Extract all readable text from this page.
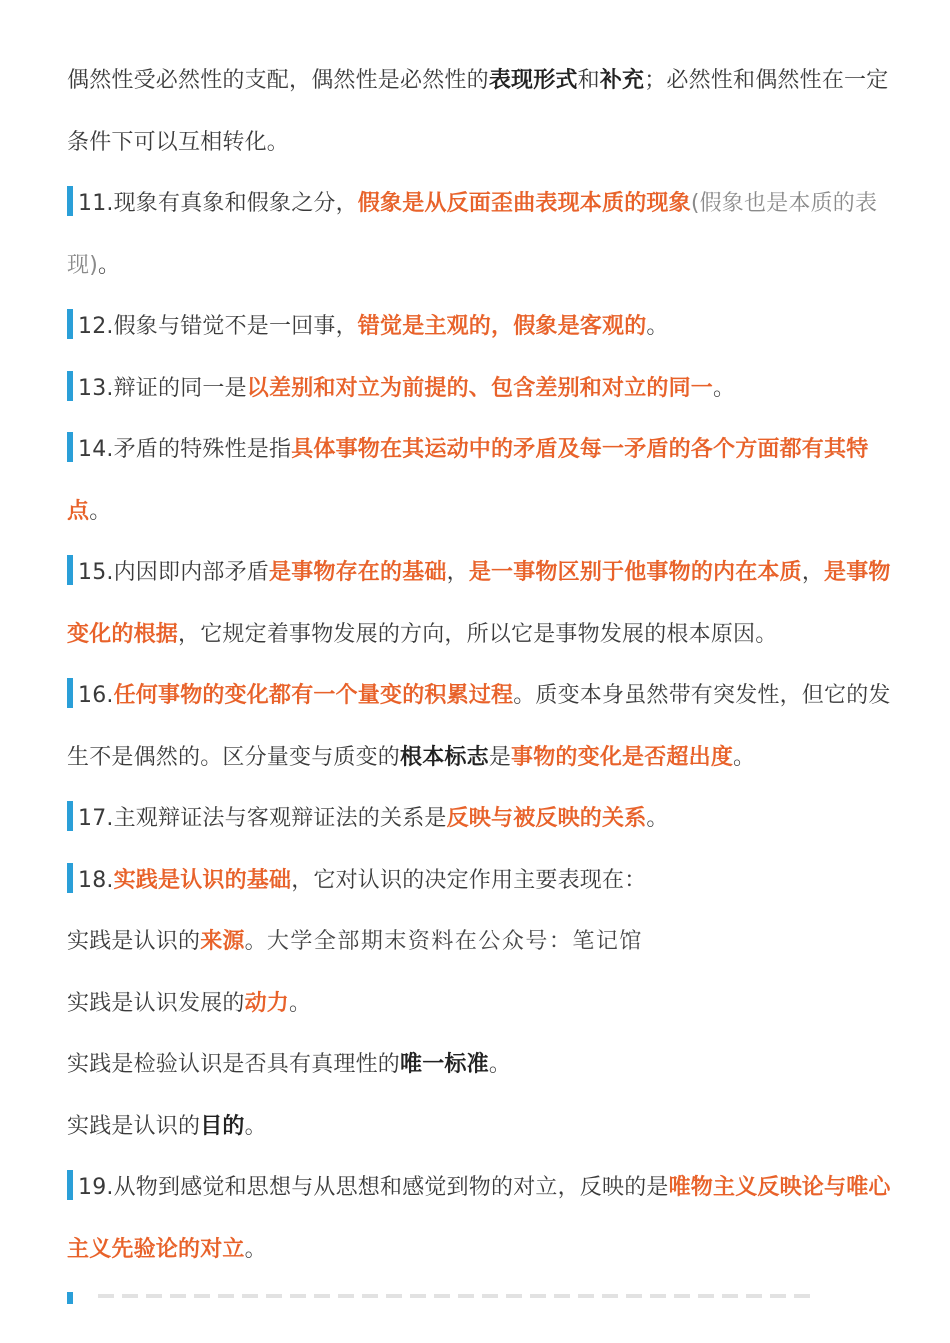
偶然性受必然性的支配，偶然性是必然性的表现形式和补充；必然性和偶然性在一定条件下可以互相转化。

11.现象有真象和假象之分，假象是从反面歪曲表现本质的现象(假象也是本质的表现)。

12.假象与错觉不是一回事，错觉是主观的，假象是客观的。

13.辩证的同一是以差别和对立为前提的、包含差别和对立的同一。

14.矛盾的特殊性是指具体事物在其运动中的矛盾及每一矛盾的各个方面都有其特点。

15.内因即内部矛盾是事物存在的基础，是一事物区别于他事物的内在本质，是事物变化的根据，它规定着事物发展的方向，所以它是事物发展的根本原因。

16.任何事物的变化都有一个量变的积累过程。质变本身虽然带有突发性，但它的发生不是偶然的。区分量变与质变的根本标志是事物的变化是否超出度。

17.主观辩证法与客观辩证法的关系是反映与被反映的关系。

18.实践是认识的基础，它对认识的决定作用主要表现在：

实践是认识的来源。大学全部期末资料在公众号：笔记馆

实践是认识发展的动力。

实践是检验认识是否具有真理性的唯一标准。

实践是认识的目的。

19.从物到感觉和思想与从思想和感觉到物的对立，反映的是唯物主义反映论与唯心主义先验论的对立。
